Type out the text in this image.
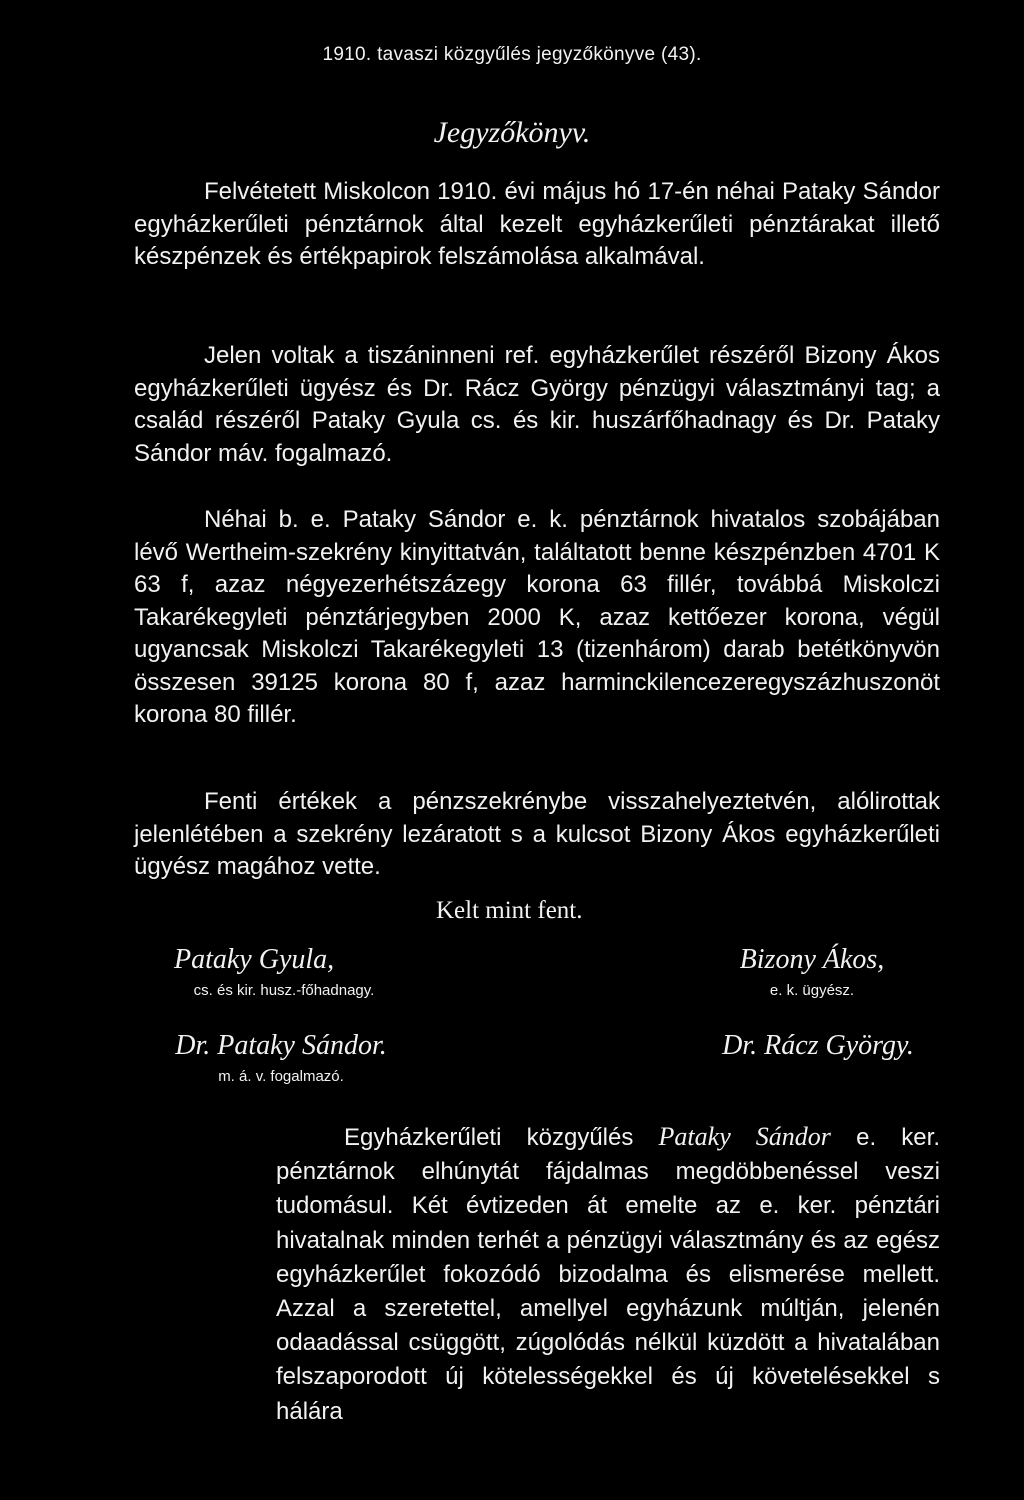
1910. tavaszi közgyűlés jegyzőkönyve (43).
Jegyzőkönyv.

Felvétetett Miskolcon 1910. évi május hó 17-én néhai Pataky Sándor egyházkerűleti pénztárnok által kezelt egyházkerűleti pénztárakat illető készpénzek és értékpapirok felszámolása alkalmával.

Jelen voltak a tiszáninneni ref. egyházkerűlet részéről Bizony Ákos egyházkerűleti ügyész és Dr. Rácz György pénzügyi választmányi tag; a család részéről Pataky Gyula cs. és kir. huszárfőhadnagy és Dr. Pataky Sándor máv. fogalmazó.

Néhai b. e. Pataky Sándor e. k. pénztárnok hivatalos szobájában lévő Wertheim-szekrény kinyittatván, találtatott benne készpénzben 4701 K 63 f, azaz négyezerhétszázegy korona 63 fillér, továbbá Miskolczi Takarékegyleti pénztárjegyben 2000 K, azaz kettőezer korona, végül ugyancsak Miskolczi Takarékegyleti 13 (tizenhárom) darab betétkönyvön összesen 39125 korona 80 f, azaz harminckilencezeregyszázhuszonöt korona 80 fillér.

Fenti értékek a pénzszekrénybe visszahelyeztetvén, alólirottak jelenlétében a szekrény lezáratott s a kulcsot Bizony Ákos egyházkerűleti ügyész magához vette.

Kelt mint fent.
Pataky Gyula,
cs. és kir. husz.-főhadnagy.
Bizony Ákos,
e. k. ügyész.
Dr. Pataky Sándor.
m. á. v. fogalmazó.
Dr. Rácz György.

Egyházkerűleti közgyűlés Pataky Sándor e. ker. pénztárnok elhúnytát fájdalmas megdöbbenéssel veszi tudomásul. Két évtizeden át emelte az e. ker. pénztári hivatalnak minden terhét a pénzügyi választmány és az egész egyházkerűlet fokozódó bizodalma és elismerése mellett. Azzal a szeretettel, amellyel egyházunk múltján, jelenén odaadással csüggött, zúgolódás nélkül küzdött a hivatalában felszaporodott új kötelességekkel és új követelésekkel s hálára
